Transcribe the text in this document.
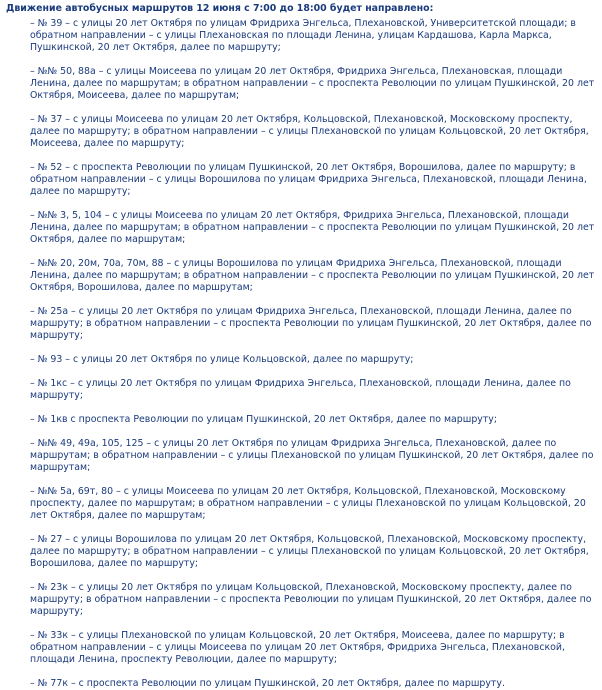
Движение автобусных маршрутов 12 июня с 7:00 до 18:00 будет направлено:
– № 39 – с улицы 20 лет Октября по улицам Фридриха Энгельса, Плехановской, Университетской площади; в обратном направлении – с улицы Плехановская по площади Ленина, улицам Кардашова, Карла Маркса, Пушкинской, 20 лет Октября, далее по маршруту;
– №№ 50, 88а – с улицы Моисеева по улицам 20 лет Октября, Фридриха Энгельса, Плехановская, площади Ленина, далее по маршрутам; в обратном направлении – с проспекта Революции по улицам Пушкинской, 20 лет Октября, Моисеева, далее по маршрутам;
– № 37 – с улицы Моисеева по улицам 20 лет Октября, Кольцовской, Плехановской, Московскому проспекту, далее по маршруту; в обратном направлении – с улицы Плехановской по улицам Кольцовской, 20 лет Октября, Моисеева, далее по маршруту;
– № 52 – с проспекта Революции по улицам Пушкинской, 20 лет Октября, Ворошилова, далее по маршруту; в обратном направлении – с улицы Ворошилова по улицам Фридриха Энгельса, Плехановской, площади Ленина, далее по маршруту;
– №№ 3, 5, 104 – с улицы Моисеева по улицам 20 лет Октября, Фридриха Энгельса, Плехановской, площади Ленина, далее по маршрутам; в обратном направлении – с проспекта Революции по улицам Пушкинской, 20 лет Октября, далее по маршрутам;
– №№ 20, 20м, 70а, 70м, 88 – с улицы Ворошилова по улицам Фридриха Энгельса, Плехановской, площади Ленина, далее по маршрутам; в обратном направлении – с проспекта Революции по улицам Пушкинской, 20 лет Октября, Ворошилова, далее по маршрутам;
– № 25а – с улицы 20 лет Октября по улицам Фридриха Энгельса, Плехановской, площади Ленина, далее по маршруту; в обратном направлении – с проспекта Революции по улицам Пушкинской, 20 лет Октября, далее по маршруту;
– № 93 – с улицы 20 лет Октября по улице Кольцовской, далее по маршруту;
– № 1кс – с улицы 20 лет Октября по улицам Фридриха Энгельса, Плехановской, площади Ленина, далее по маршруту;
– № 1кв с проспекта Революции по улицам Пушкинской, 20 лет Октября, далее по маршруту;
– №№ 49, 49а, 105, 125 – с улицы 20 лет Октября по улицам Фридриха Энгельса, Плехановской, далее по маршрутам; в обратном направлении – с улицы Плехановской по улицам Пушкинской, 20 лет Октября, далее по маршрутам;
– №№ 5а, 69т, 80 – с улицы Моисеева по улицам 20 лет Октября, Кольцовской, Плехановской, Московскому проспекту, далее по маршрутам; в обратном направлении – с улицы Плехановской по улицам Кольцовской, 20 лет Октября, далее по маршрутам;
– № 27 – с улицы Ворошилова по улицам 20 лет Октября, Кольцовской, Плехановской, Московскому проспекту, далее по маршруту; в обратном направлении – с улицы Плехановской по улицам Кольцовской, 20 лет Октября, Ворошилова, далее по маршруту;
– № 23к – с улицы 20 лет Октября по улицам Кольцовской, Плехановской, Московскому проспекту, далее по маршруту; в обратном направлении – с проспекта Революции по улицам Пушкинской, 20 лет Октября, далее по маршруту;
– № 33к – с улицы Плехановской по улицам Кольцовской, 20 лет Октября, Моисеева, далее по маршруту; в обратном направлении – с улицы Моисеева по улицам 20 лет Октября, Фридриха Энгельса, Плехановской, площади Ленина, проспекту Революции, далее по маршруту;
– № 77к – с проспекта Революции по улицам Пушкинской, 20 лет Октября, далее по маршруту.
